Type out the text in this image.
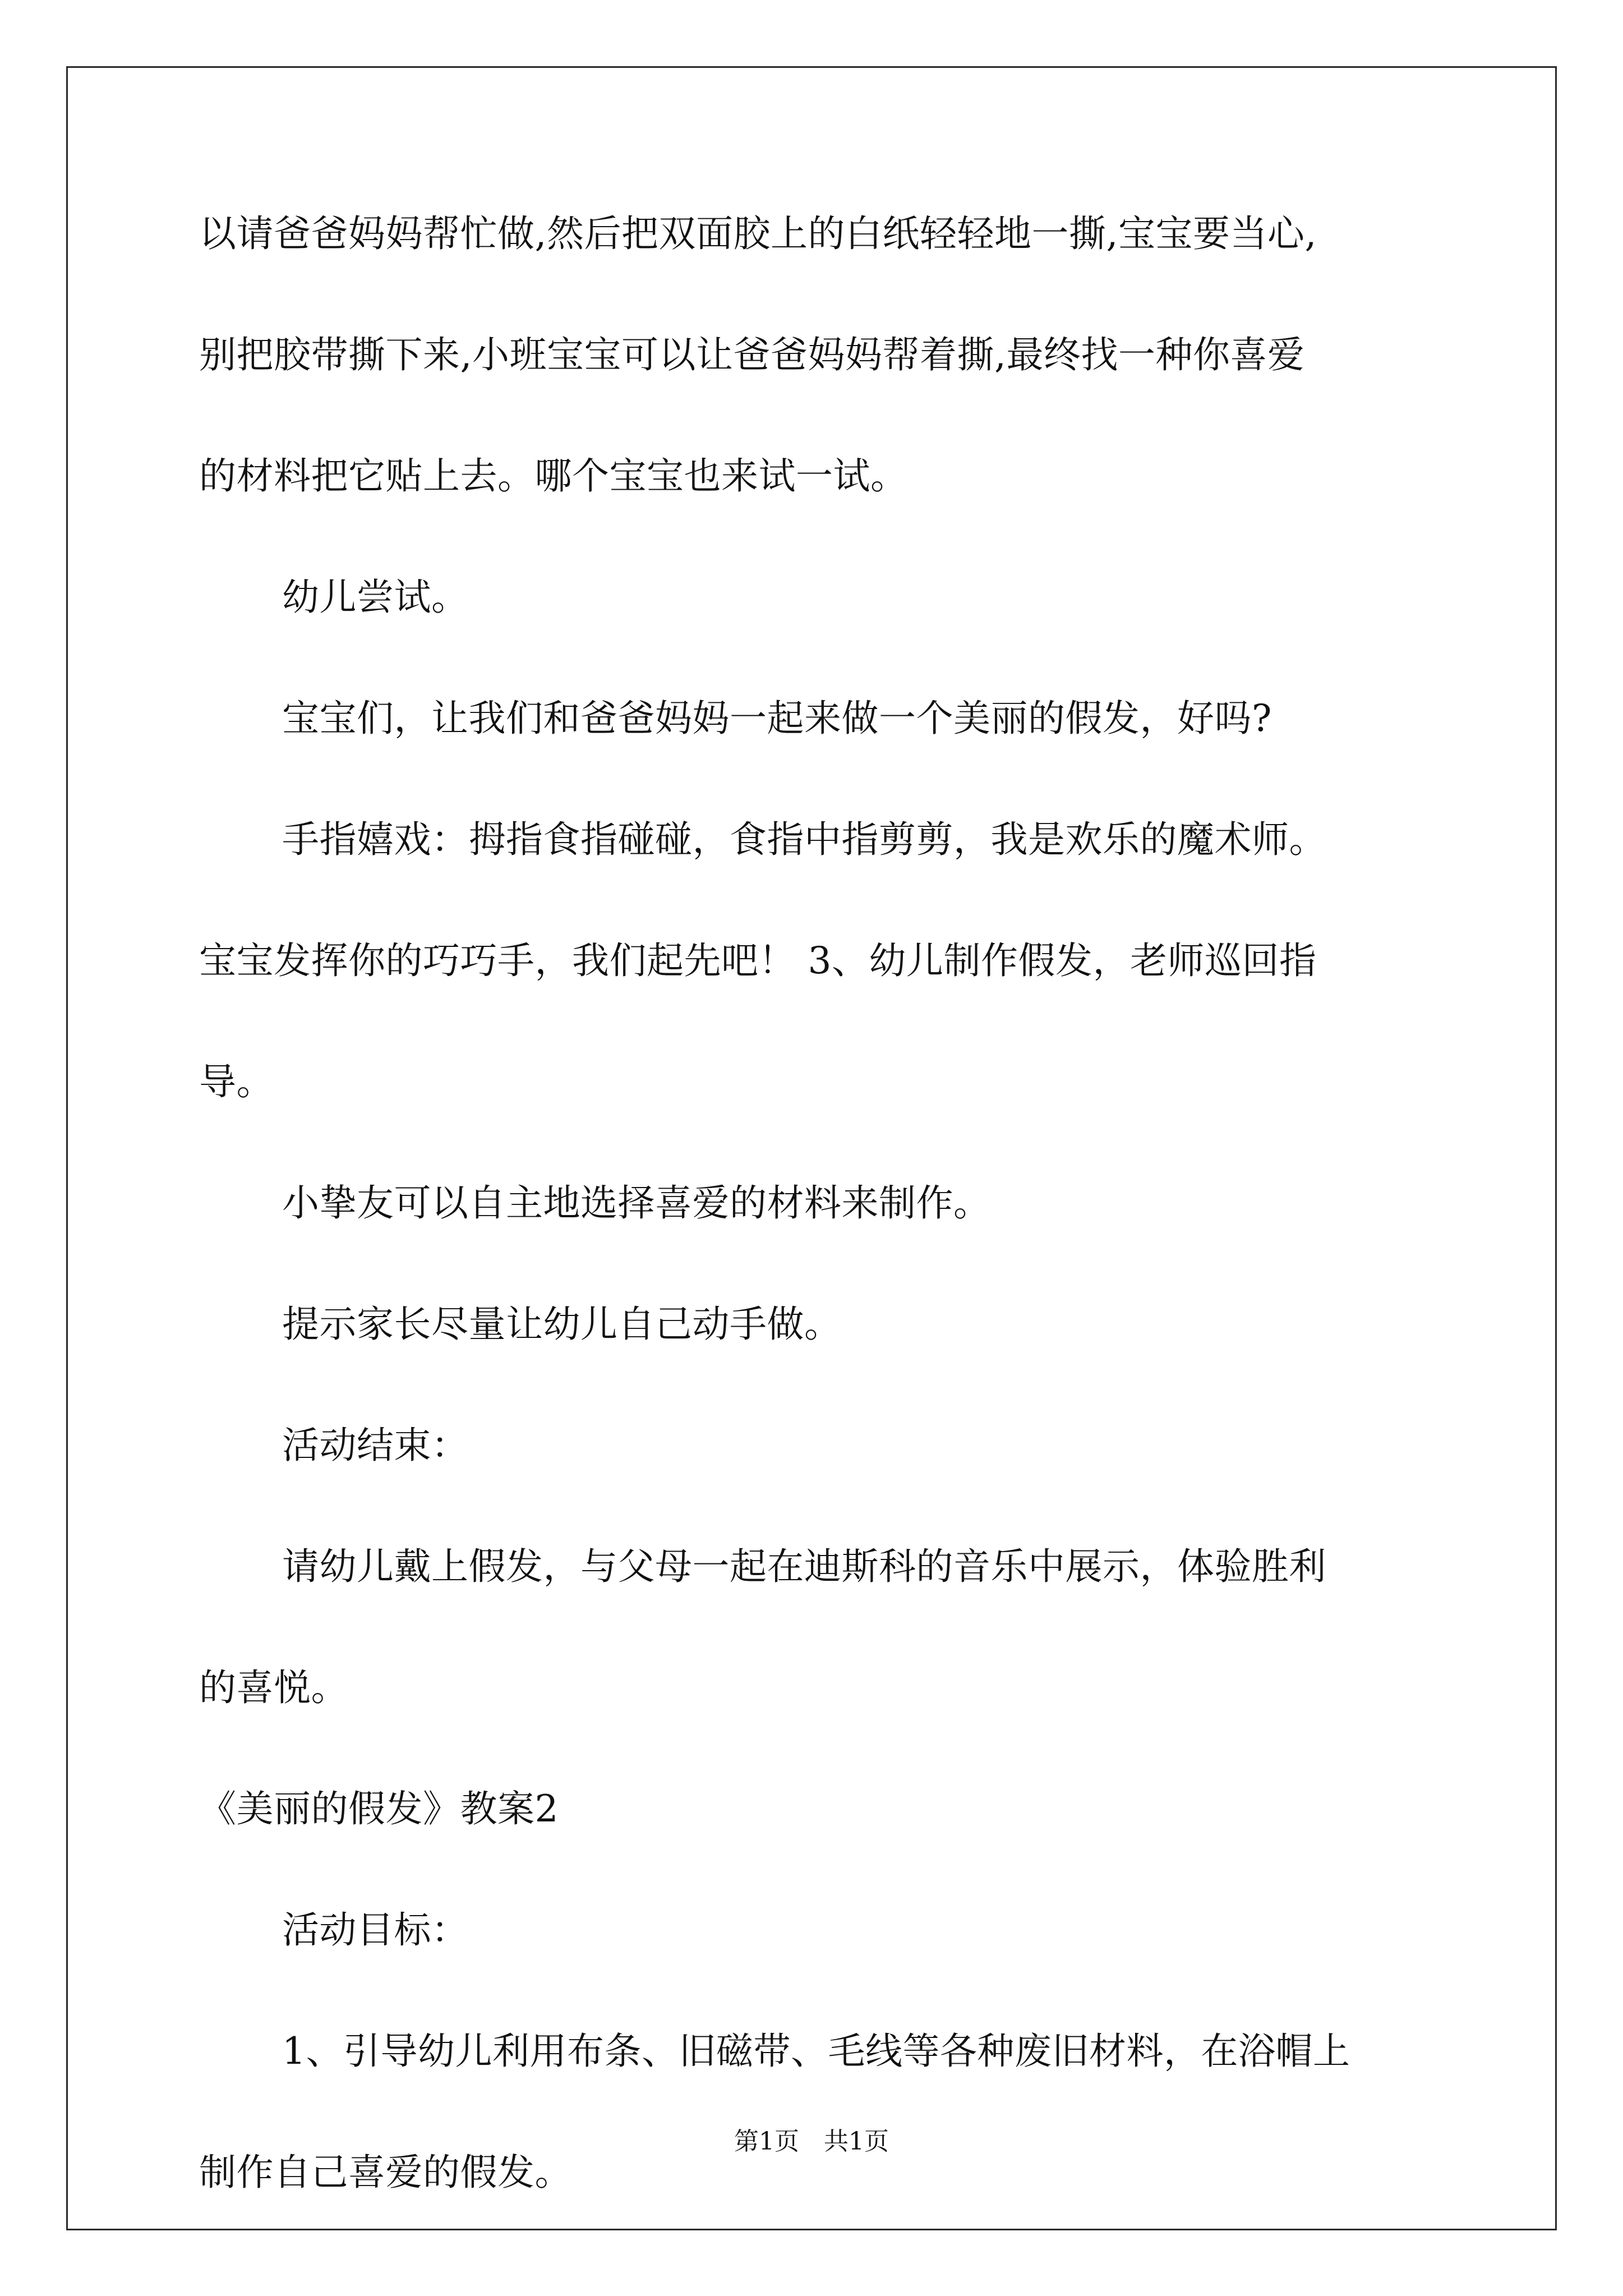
以请爸爸妈妈帮忙做,然后把双面胶上的白纸轻轻地一撕,宝宝要当心,
别把胶带撕下来,小班宝宝可以让爸爸妈妈帮着撕,最终找一种你喜爱
的材料把它贴上去。哪个宝宝也来试一试。
幼儿尝试。
宝宝们，让我们和爸爸妈妈一起来做一个美丽的假发，好吗?
手指嬉戏：拇指食指碰碰，食指中指剪剪，我是欢乐的魔术师。
宝宝发挥你的巧巧手，我们起先吧！ 3、幼儿制作假发，老师巡回指
导。
小挚友可以自主地选择喜爱的材料来制作。
提示家长尽量让幼儿自己动手做。
活动结束：
请幼儿戴上假发，与父母一起在迪斯科的音乐中展示，体验胜利
的喜悦。
《美丽的假发》教案2
活动目标：
1、引导幼儿利用布条、旧磁带、毛线等各种废旧材料，在浴帽上
制作自己喜爱的假发。
第1页　共1页
